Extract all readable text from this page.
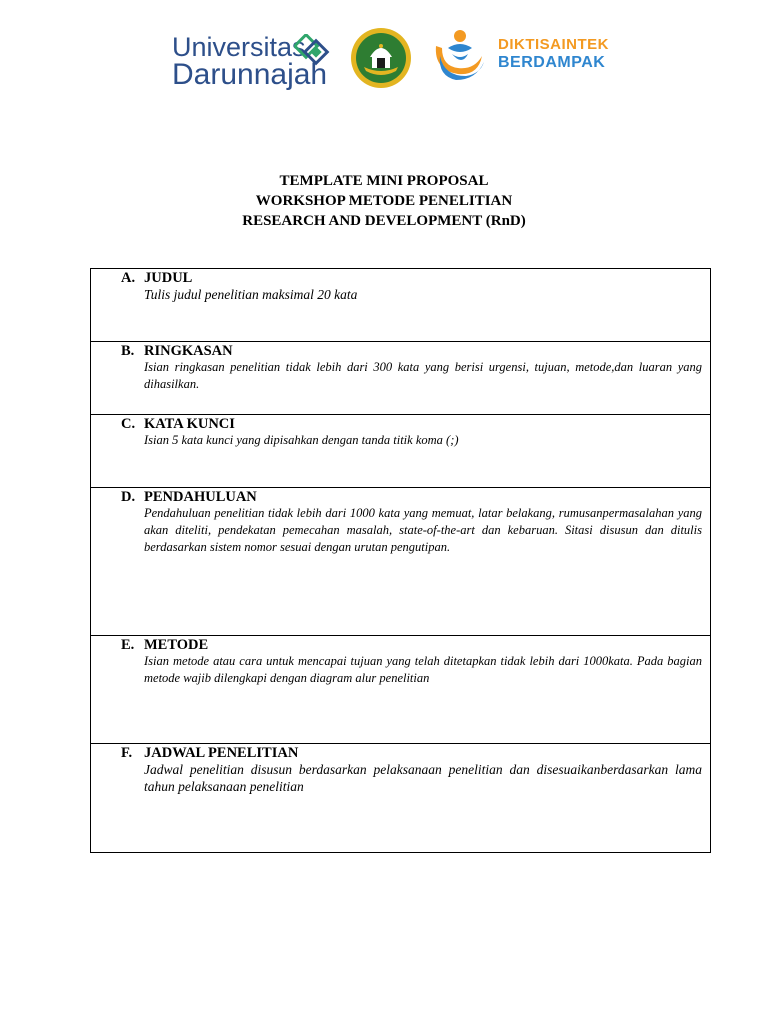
Universitas
Darunnajah
DIKTISAINTEK
BERDAMPAK
TEMPLATE MINI PROPOSAL
WORKSHOP METODE PENELITIAN
RESEARCH AND DEVELOPMENT (RnD)
A. JUDUL
Tulis judul penelitian maksimal 20 kata
B. RINGKASAN
Isian ringkasan penelitian tidak lebih dari 300 kata yang berisi urgensi, tujuan, metode,dan luaran yang dihasilkan.
C. KATA KUNCI
Isian 5 kata kunci yang dipisahkan dengan tanda titik koma (;)
D. PENDAHULUAN
Pendahuluan penelitian tidak lebih dari 1000 kata yang memuat, latar belakang, rumusanpermasalahan yang akan diteliti, pendekatan pemecahan masalah, state-of-the-art dan kebaruan. Sitasi disusun dan ditulis berdasarkan sistem nomor sesuai dengan urutan pengutipan.
E. METODE
Isian metode atau cara untuk mencapai tujuan yang telah ditetapkan tidak lebih dari 1000kata. Pada bagian metode wajib dilengkapi dengan diagram alur penelitian
F. JADWAL PENELITIAN
Jadwal penelitian disusun berdasarkan pelaksanaan penelitian dan disesuaikanberdasarkan lama tahun pelaksanaan penelitian
